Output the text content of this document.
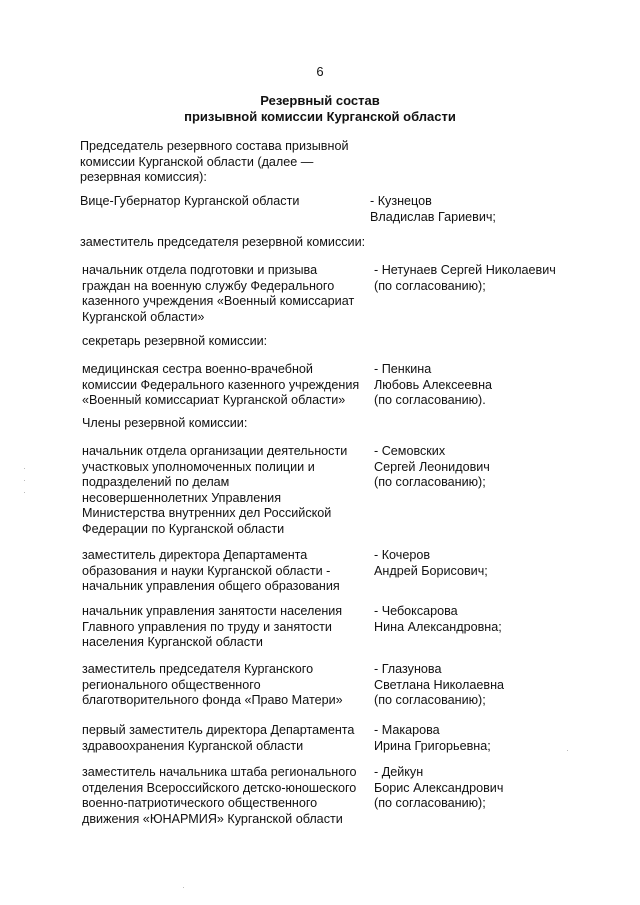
6
Резервный состав
призывной комиссии Курганской области
Председатель резервного состава призывной
комиссии Курганской области (далее —
резервная комиссия):
Вице-Губернатор Курганской области	- Кузнецов
Владислав Гариевич;
заместитель председателя резервной комиссии:
начальник отдела подготовки и призыва
граждан на военную службу Федерального
казенного учреждения «Военный комиссариат
Курганской области»
- Нетунаев Сергей Николаевич
(по согласованию);
секретарь резервной комиссии:
медицинская сестра военно-врачебной
комиссии Федерального казенного учреждения
«Военный комиссариат Курганской области»
- Пенкина
Любовь Алексеевна
(по согласованию).
Члены резервной комиссии:
начальник отдела организации деятельности
участковых уполномоченных полиции и
подразделений по делам
несовершеннолетних Управления
Министерства внутренних дел Российской
Федерации по Курганской области
- Семовских
Сергей Леонидович
(по согласованию);
заместитель директора Департамента
образования и науки Курганской области -
начальник управления общего образования
- Кочеров
Андрей Борисович;
начальник управления занятости населения
Главного управления по труду и занятости
населения Курганской области
- Чебоксарова
Нина Александровна;
заместитель председателя Курганского
регионального общественного
благотворительного фонда «Право Матери»
- Глазунова
Светлана Николаевна
(по согласованию);
первый заместитель директора Департамента
здравоохранения Курганской области
- Макарова
Ирина Григорьевна;
заместитель начальника штаба регионального
отделения Всероссийского детско-юношеского
военно-патриотического общественного
движения «ЮНАРМИЯ» Курганской области
- Дейкун
Борис Александрович
(по согласованию);
